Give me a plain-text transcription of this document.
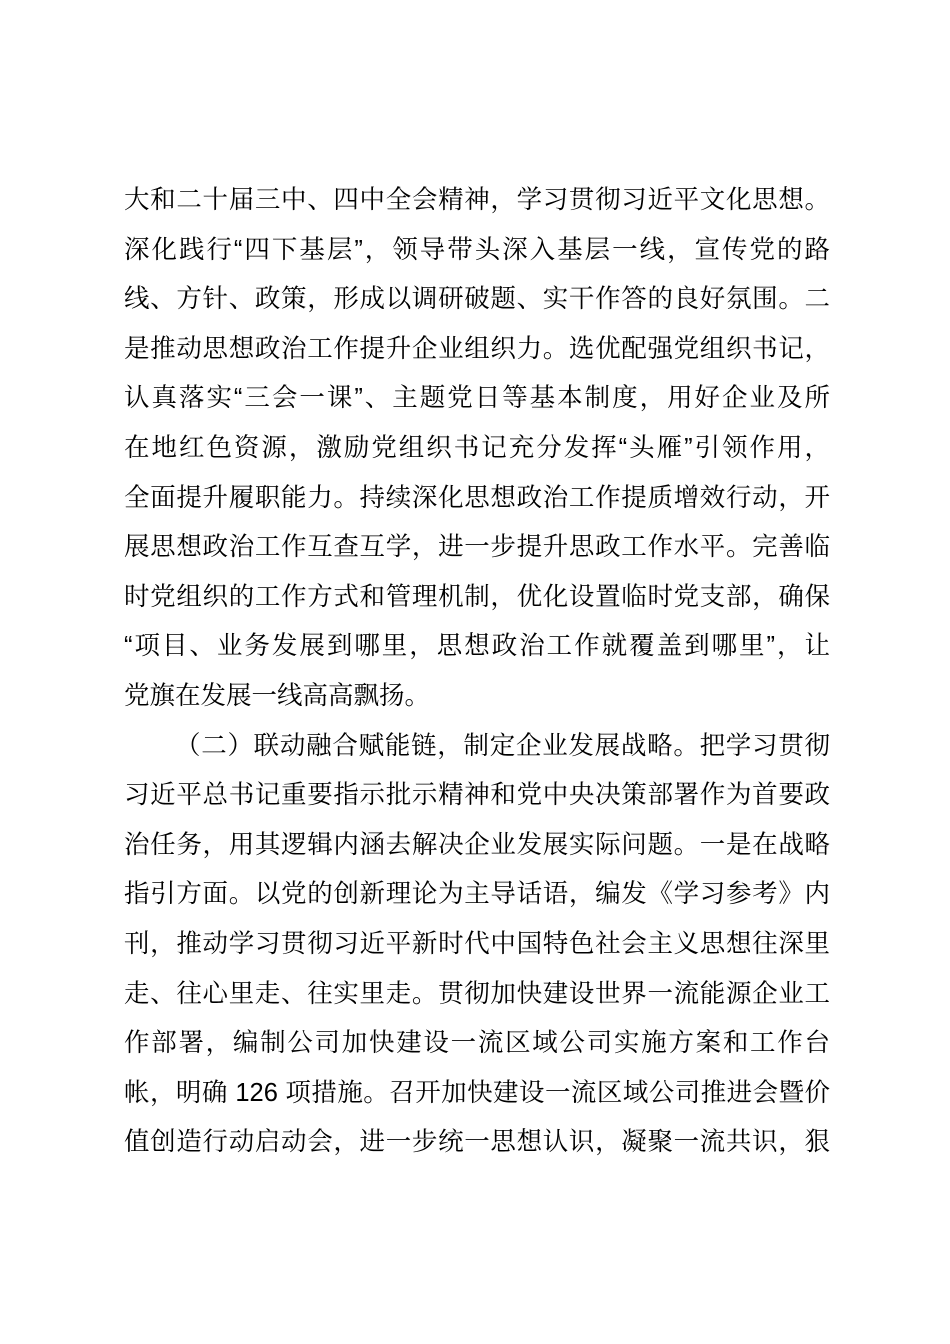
大和二十届三中、四中全会精神，学习贯彻习近平文化思想。
深化践行“四下基层”，领导带头深入基层一线，宣传党的路
线、方针、政策，形成以调研破题、实干作答的良好氛围。二
是推动思想政治工作提升企业组织力。选优配强党组织书记，
认真落实“三会一课”、主题党日等基本制度，用好企业及所
在地红色资源，激励党组织书记充分发挥“头雁”引领作用，
全面提升履职能力。持续深化思想政治工作提质增效行动，开
展思想政治工作互查互学，进一步提升思政工作水平。完善临
时党组织的工作方式和管理机制，优化设置临时党支部，确保
“项目、业务发展到哪里，思想政治工作就覆盖到哪里”，让
党旗在发展一线高高飘扬。
（二）联动融合赋能链，制定企业发展战略。把学习贯彻
习近平总书记重要指示批示精神和党中央决策部署作为首要政
治任务，用其逻辑内涵去解决企业发展实际问题。一是在战略
指引方面。以党的创新理论为主导话语，编发《学习参考》内
刊，推动学习贯彻习近平新时代中国特色社会主义思想往深里
走、往心里走、往实里走。贯彻加快建设世界一流能源企业工
作部署，编制公司加快建设一流区域公司实施方案和工作台
帐，明确 126 项措施。召开加快建设一流区域公司推进会暨价
值创造行动启动会，进一步统一思想认识，凝聚一流共识，狠
